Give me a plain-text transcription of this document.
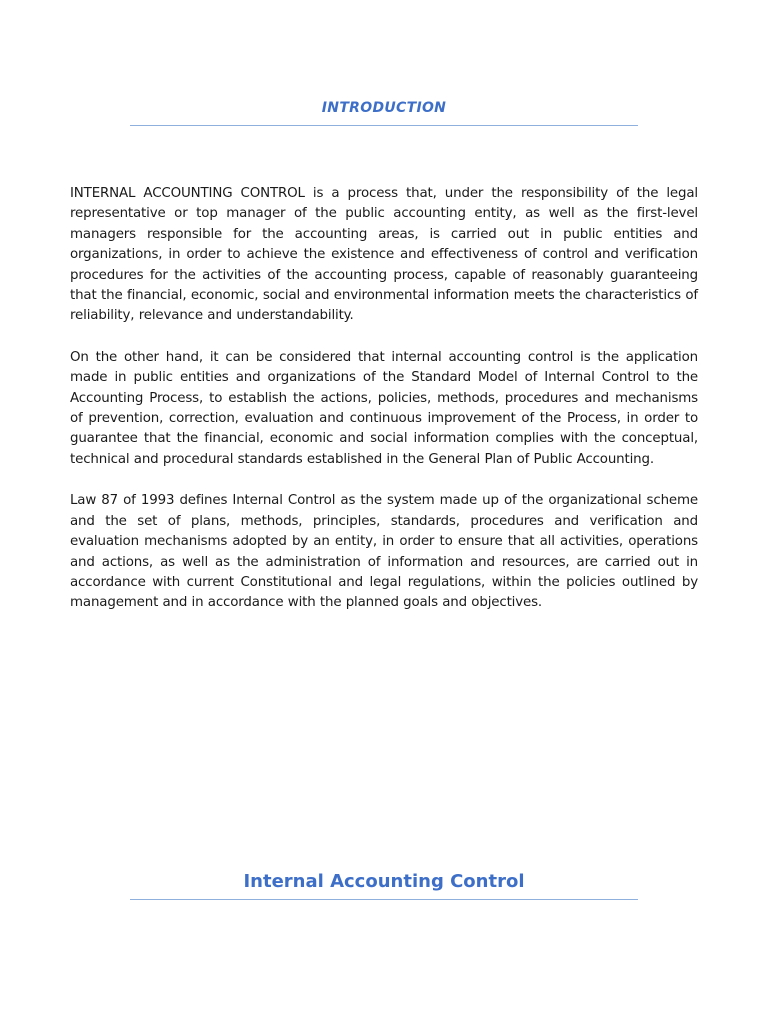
INTRODUCTION

INTERNAL ACCOUNTING CONTROL is a process that, under the responsibility of the legal representative or top manager of the public accounting entity, as well as the first-level managers responsible for the accounting areas, is carried out in public entities and organizations, in order to achieve the existence and effectiveness of control and verification procedures for the activities of the accounting process, capable of reasonably guaranteeing that the financial, economic, social and environmental information meets the characteristics of reliability, relevance and understandability.

On the other hand, it can be considered that internal accounting control is the application made in public entities and organizations of the Standard Model of Internal Control to the Accounting Process, to establish the actions, policies, methods, procedures and mechanisms of prevention, correction, evaluation and continuous improvement of the Process, in order to guarantee that the financial, economic and social information complies with the conceptual, technical and procedural standards established in the General Plan of Public Accounting.

Law 87 of 1993 defines Internal Control as the system made up of the organizational scheme and the set of plans, methods, principles, standards, procedures and verification and evaluation mechanisms adopted by an entity, in order to ensure that all activities, operations and actions, as well as the administration of information and resources, are carried out in accordance with current Constitutional and legal regulations, within the policies outlined by management and in accordance with the planned goals and objectives.

Internal Accounting Control
